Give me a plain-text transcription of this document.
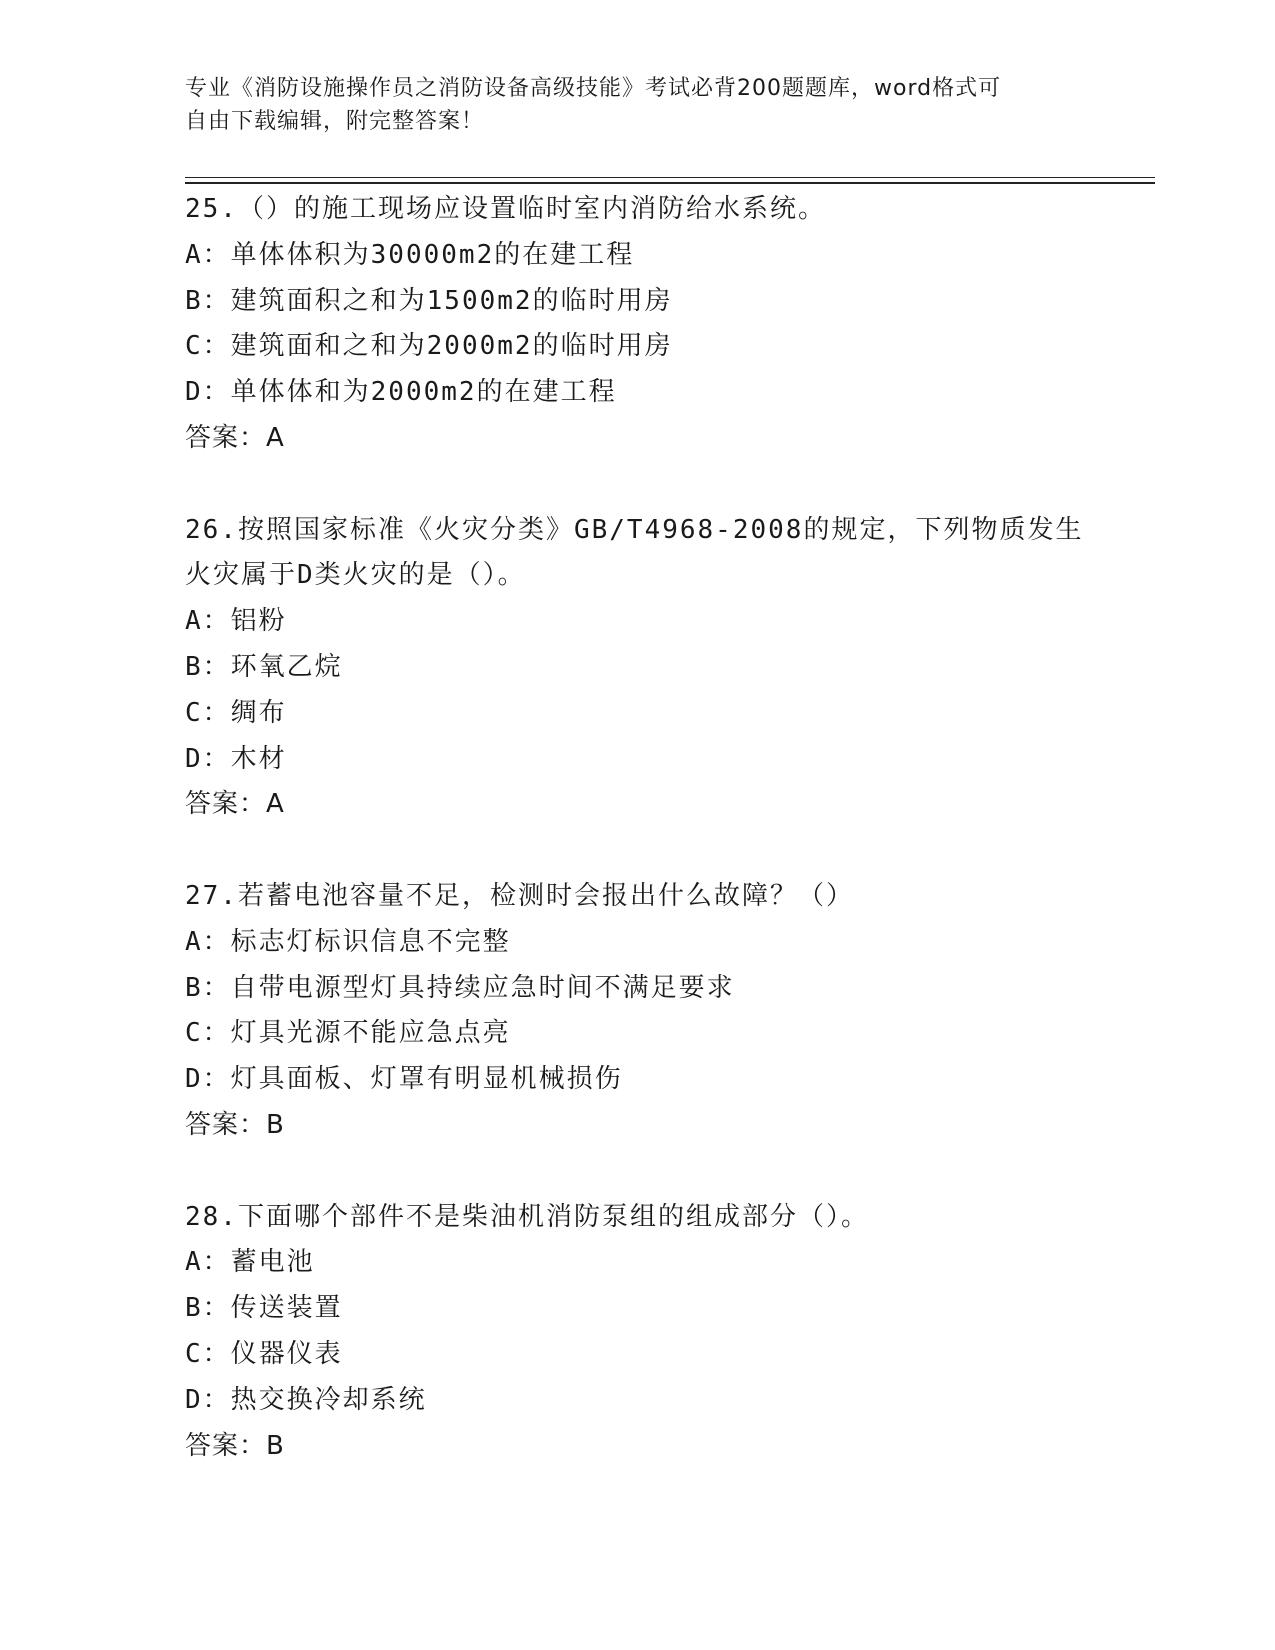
专业《消防设施操作员之消防设备高级技能》考试必背200题题库，word格式可
自由下载编辑，附完整答案！
25.（）的施工现场应设置临时室内消防给水系统。
A：单体体积为30000m2的在建工程
B：建筑面积之和为1500m2的临时用房
C：建筑面和之和为2000m2的临时用房
D：单体体和为2000m2的在建工程
答案：A
26.按照国家标准《火灾分类》GB/T4968-2008的规定，下列物质发生
火灾属于D类火灾的是（）。
A：铝粉
B：环氧乙烷
C：绸布
D：木材
答案：A
27.若蓄电池容量不足，检测时会报出什么故障？（）
A：标志灯标识信息不完整
B：自带电源型灯具持续应急时间不满足要求
C：灯具光源不能应急点亮
D：灯具面板、灯罩有明显机械损伤
答案：B
28.下面哪个部件不是柴油机消防泵组的组成部分（）。
A：蓄电池
B：传送装置
C：仪器仪表
D：热交换冷却系统
答案：B
